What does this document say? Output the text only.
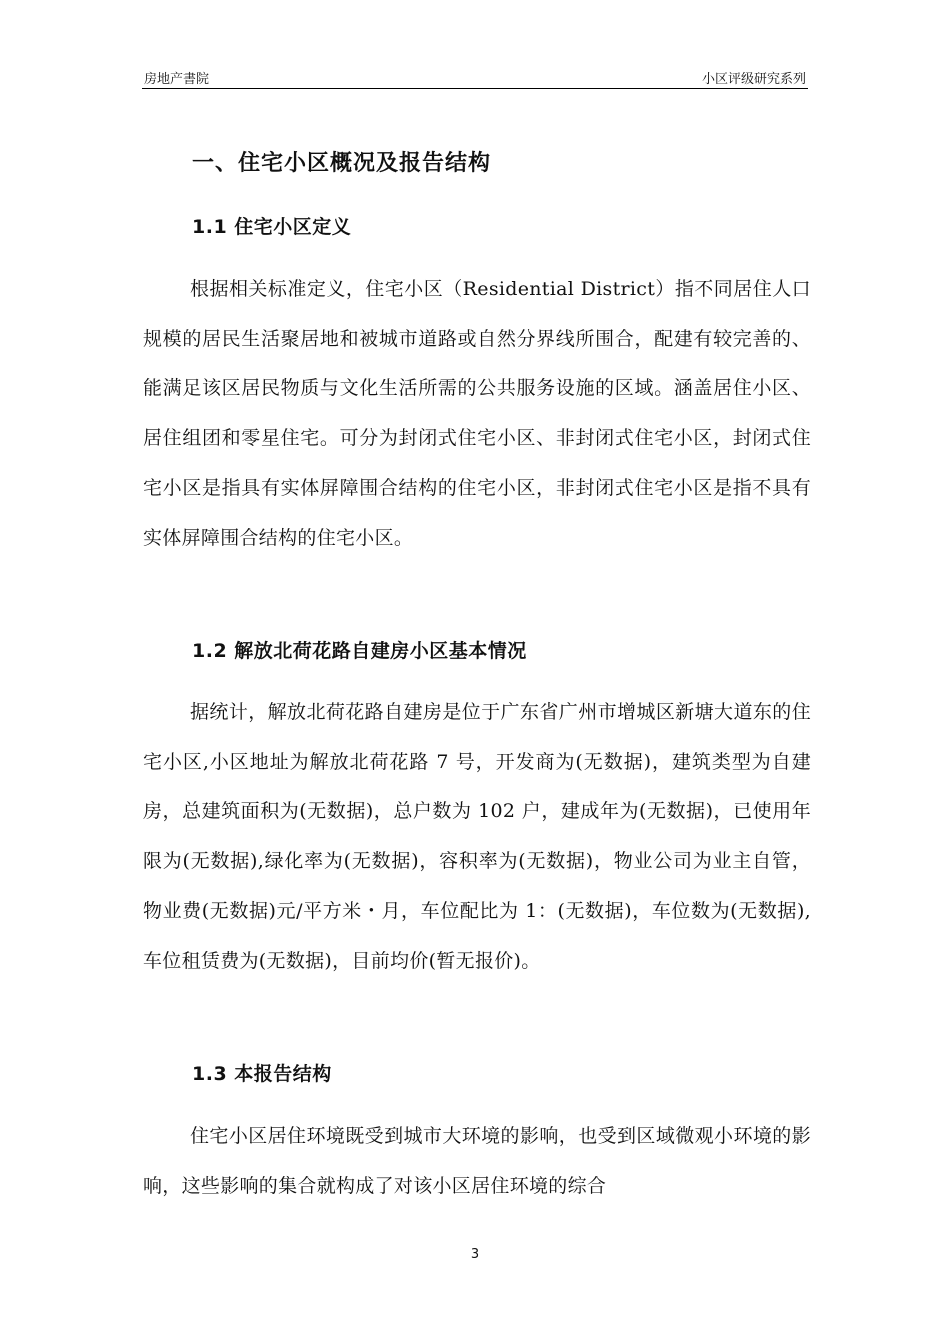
房地产書院	小区评级研究系列
一、住宅小区概况及报告结构
1.1 住宅小区定义

根据相关标准定义，住宅小区（Residential District）指不同居住人口规模的居民生活聚居地和被城市道路或自然分界线所围合，配建有较完善的、能满足该区居民物质与文化生活所需的公共服务设施的区域。涵盖居住小区、居住组团和零星住宅。可分为封闭式住宅小区、非封闭式住宅小区，封闭式住宅小区是指具有实体屏障围合结构的住宅小区，非封闭式住宅小区是指不具有实体屏障围合结构的住宅小区。

1.2 解放北荷花路自建房小区基本情况

据统计，解放北荷花路自建房是位于广东省广州市增城区新塘大道东的住宅小区,小区地址为解放北荷花路 7 号，开发商为(无数据)，建筑类型为自建房，总建筑面积为(无数据)，总户数为 102 户，建成年为(无数据)，已使用年限为(无数据),绿化率为(无数据)，容积率为(无数据)，物业公司为业主自管，物业费(无数据)元/平方米・月，车位配比为 1：(无数据)，车位数为(无数据),车位租赁费为(无数据)，目前均价(暂无报价)。

1.3 本报告结构

住宅小区居住环境既受到城市大环境的影响，也受到区域微观小环境的影响，这些影响的集合就构成了对该小区居住环境的综合

3
